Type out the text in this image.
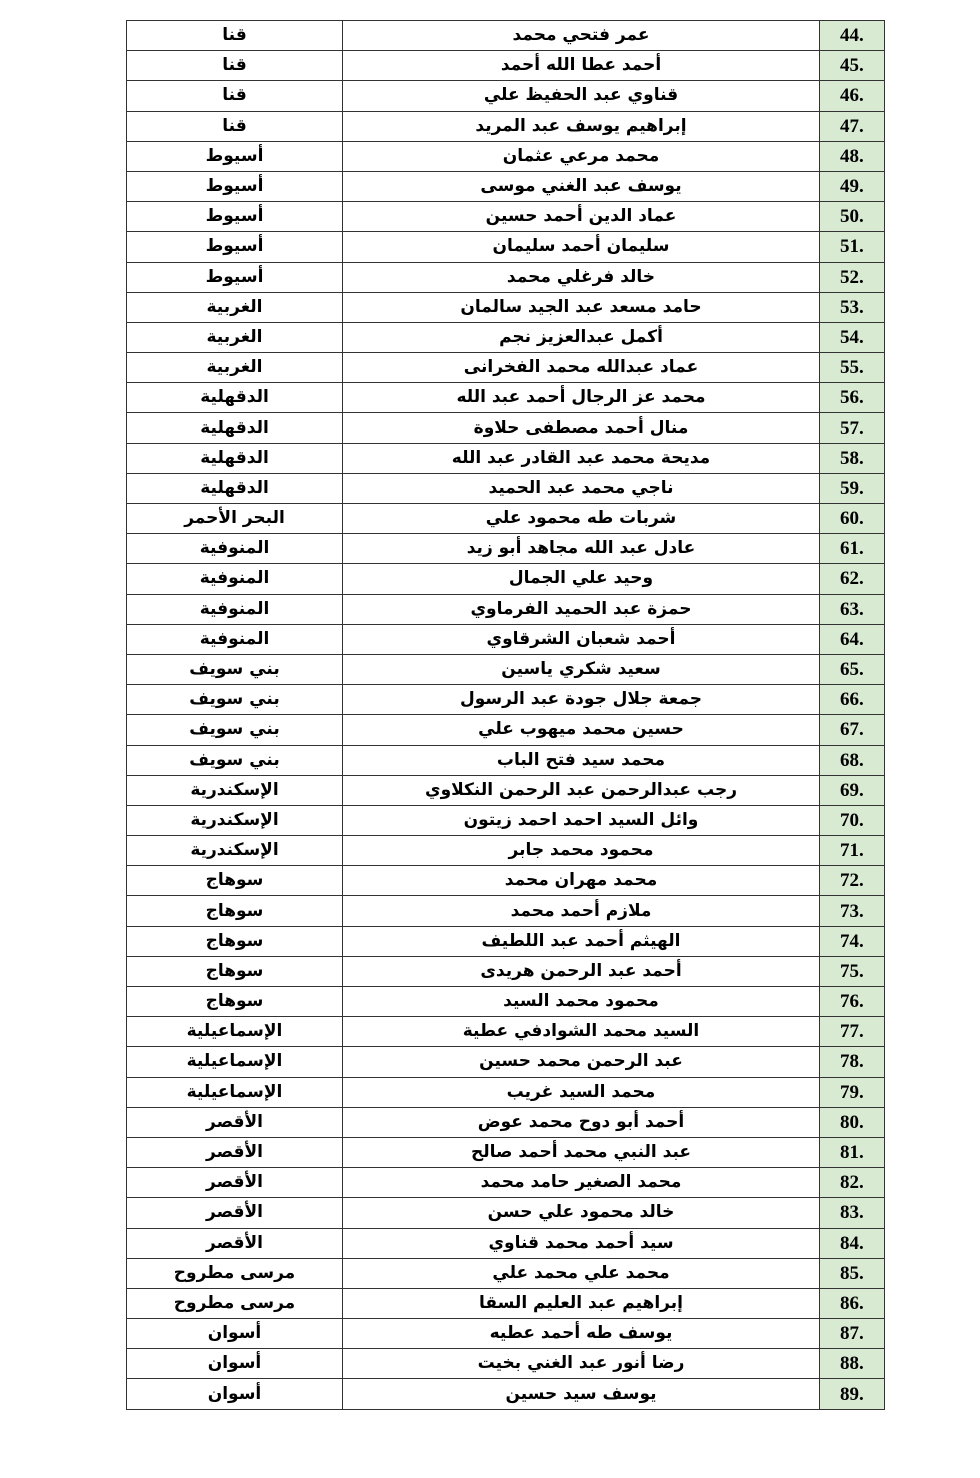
قنا	عمر فتحي محمد	44.
قنا	أحمد عطا الله أحمد	45.
قنا	قناوي عبد الحفيظ علي	46.
قنا	إبراهيم يوسف عبد المريد	47.
أسيوط	محمد مرعي عثمان	48.
أسيوط	يوسف عبد الغني موسى	49.
أسيوط	عماد الدين أحمد حسين	50.
أسيوط	سليمان أحمد سليمان	51.
أسيوط	خالد فرغلي محمد	52.
الغربية	حامد مسعد عبد الجيد سالمان	53.
الغربية	أكمل عبدالعزيز نجم	54.
الغربية	عماد عبدالله محمد الفخرانى	55.
الدقهلية	محمد عز الرجال أحمد عبد الله	56.
الدقهلية	منال أحمد مصطفى حلاوة	57.
الدقهلية	مديحة محمد عبد القادر عبد الله	58.
الدقهلية	ناجي محمد عبد الحميد	59.
البحر الأحمر	شربات طه محمود علي	60.
المنوفية	عادل عبد الله مجاهد أبو زيد	61.
المنوفية	وحيد علي الجمال	62.
المنوفية	حمزة عبد الحميد الفرماوي	63.
المنوفية	أحمد شعبان الشرقاوي	64.
بني سويف	سعيد شكري ياسين	65.
بني سويف	جمعة جلال جودة عبد الرسول	66.
بني سويف	حسين محمد ميهوب علي	67.
بني سويف	محمد سيد فتح الباب	68.
الإسكندرية	رجب عبدالرحمن عبد الرحمن النكلاوي	69.
الإسكندرية	وائل السيد احمد احمد زيتون	70.
الإسكندرية	محمود محمد جابر	71.
سوهاج	محمد مهران محمد	72.
سوهاج	ملازم أحمد محمد	73.
سوهاج	الهيثم أحمد عبد اللطيف	74.
سوهاج	أحمد عبد الرحمن هريدى	75.
سوهاج	محمود محمد السيد	76.
الإسماعيلية	السيد محمد الشوادفي عطية	77.
الإسماعيلية	عبد الرحمن محمد حسين	78.
الإسماعيلية	محمد السيد غريب	79.
الأقصر	أحمد أبو دوح محمد عوض	80.
الأقصر	عبد النبي محمد أحمد صالح	81.
الأقصر	محمد الصغير حامد محمد	82.
الأقصر	خالد محمود علي حسن	83.
الأقصر	سيد أحمد محمد قناوي	84.
مرسى مطروح	محمد علي محمد علي	85.
مرسى مطروح	إبراهيم عبد العليم السقا	86.
أسوان	يوسف طه أحمد عطيه	87.
أسوان	رضا أنور عبد الغني بخيت	88.
أسوان	يوسف سيد حسين	89.
